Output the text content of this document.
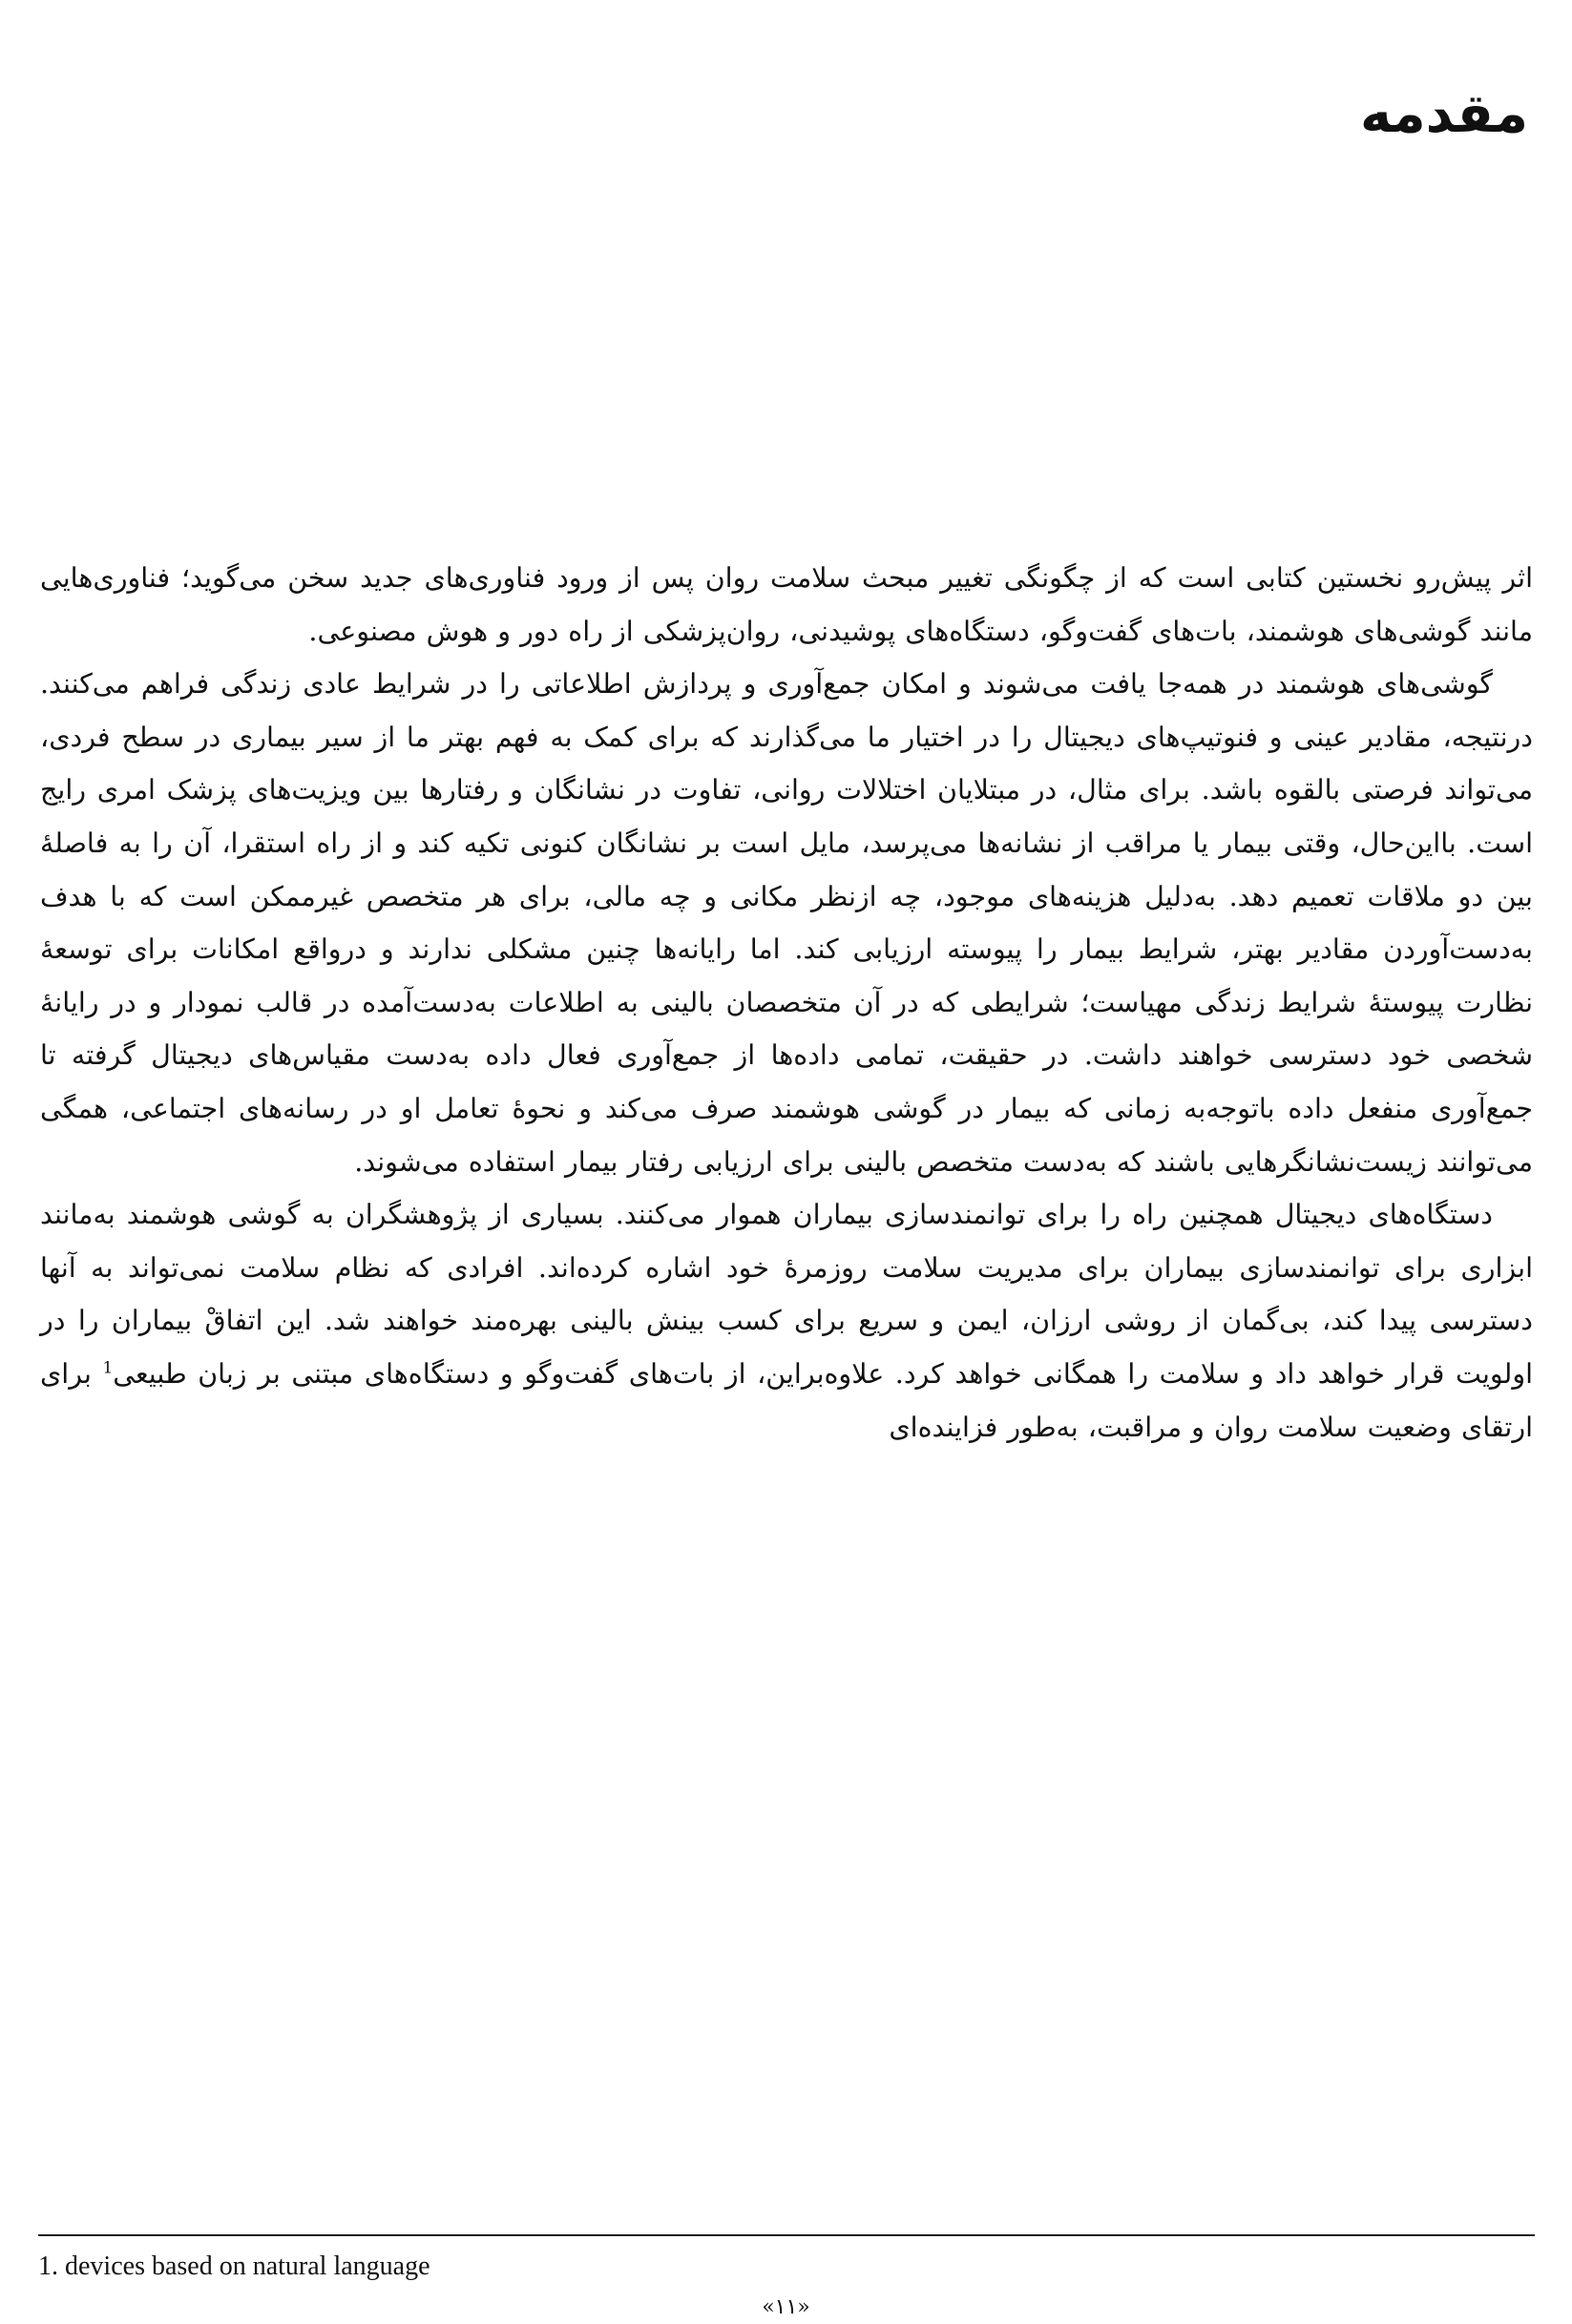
مقدمه

اثر پیش‌رو نخستین کتابی است که از چگونگی تغییر مبحث سلامت روان پس از ورود فناوری‌های جدید سخن می‌گوید؛ فناوری‌هایی مانند گوشی‌های هوشمند، بات‌های گفت‌وگو، دستگاه‌های پوشیدنی، روان‌پزشکی از راه دور و هوش مصنوعی.

گوشی‌های هوشمند در همه‌جا یافت می‌شوند و امکان جمع‌آوری و پردازش اطلاعاتی را در شرایط عادی زندگی فراهم می‌کنند. درنتیجه، مقادیر عینی و فنوتیپ‌های دیجیتال را در اختیار ما می‌گذارند که برای کمک به فهم بهتر ما از سیر بیماری در سطح فردی، می‌تواند فرصتی بالقوه باشد. برای مثال، در مبتلایان اختلالات روانی، تفاوت در نشانگان و رفتارها بین ویزیت‌های پزشک امری رایج است. بااین‌حال، وقتی بیمار یا مراقب از نشانه‌ها می‌پرسد، مایل است بر نشانگان کنونی تکیه کند و از راه استقرا، آن را به فاصلهٔ بین دو ملاقات تعمیم دهد. به‌دلیل هزینه‌های موجود، چه ازنظر مکانی و چه مالی، برای هر متخصص غیرممکن است که با هدف به‌دست‌آوردن مقادیر بهتر، شرایط بیمار را پیوسته ارزیابی کند. اما رایانه‌ها چنین مشکلی ندارند و درواقع امکانات برای توسعهٔ نظارت پیوستهٔ شرایط زندگی مهیاست؛ شرایطی که در آن متخصصان بالینی به اطلاعات به‌دست‌آمده در قالب نمودار و در رایانهٔ شخصی خود دسترسی خواهند داشت. در حقیقت، تمامی داده‌ها از جمع‌آوری فعال داده به‌دست مقیاس‌های دیجیتال گرفته تا جمع‌آوری منفعل داده باتوجه‌به زمانی که بیمار در گوشی هوشمند صرف می‌کند و نحوهٔ تعامل او در رسانه‌های اجتماعی، همگی می‌توانند زیست‌نشانگرهایی باشند که به‌دست متخصص بالینی برای ارزیابی رفتار بیمار استفاده می‌شوند.

دستگاه‌های دیجیتال همچنین راه را برای توانمندسازی بیماران هموار می‌کنند. بسیاری از پژوهشگران به گوشی هوشمند به‌مانند ابزاری برای توانمندسازی بیماران برای مدیریت سلامت روزمرهٔ خود اشاره کرده‌اند. افرادی که نظام سلامت نمی‌تواند به آنها دسترسی پیدا کند، بی‌گمان از روشی ارزان، ایمن و سریع برای کسب بینش بالینی بهره‌مند خواهند شد. این اتفاقْ بیماران را در اولویت قرار خواهد داد و سلامت را همگانی خواهد کرد. علاوه‌براین، از بات‌های گفت‌وگو و دستگاه‌های مبتنی بر زبان طبیعی$^1$ برای ارتقای وضعیت سلامت روان و مراقبت، به‌طور فزاینده‌ای

1. devices based on natural language

«۱۱»
